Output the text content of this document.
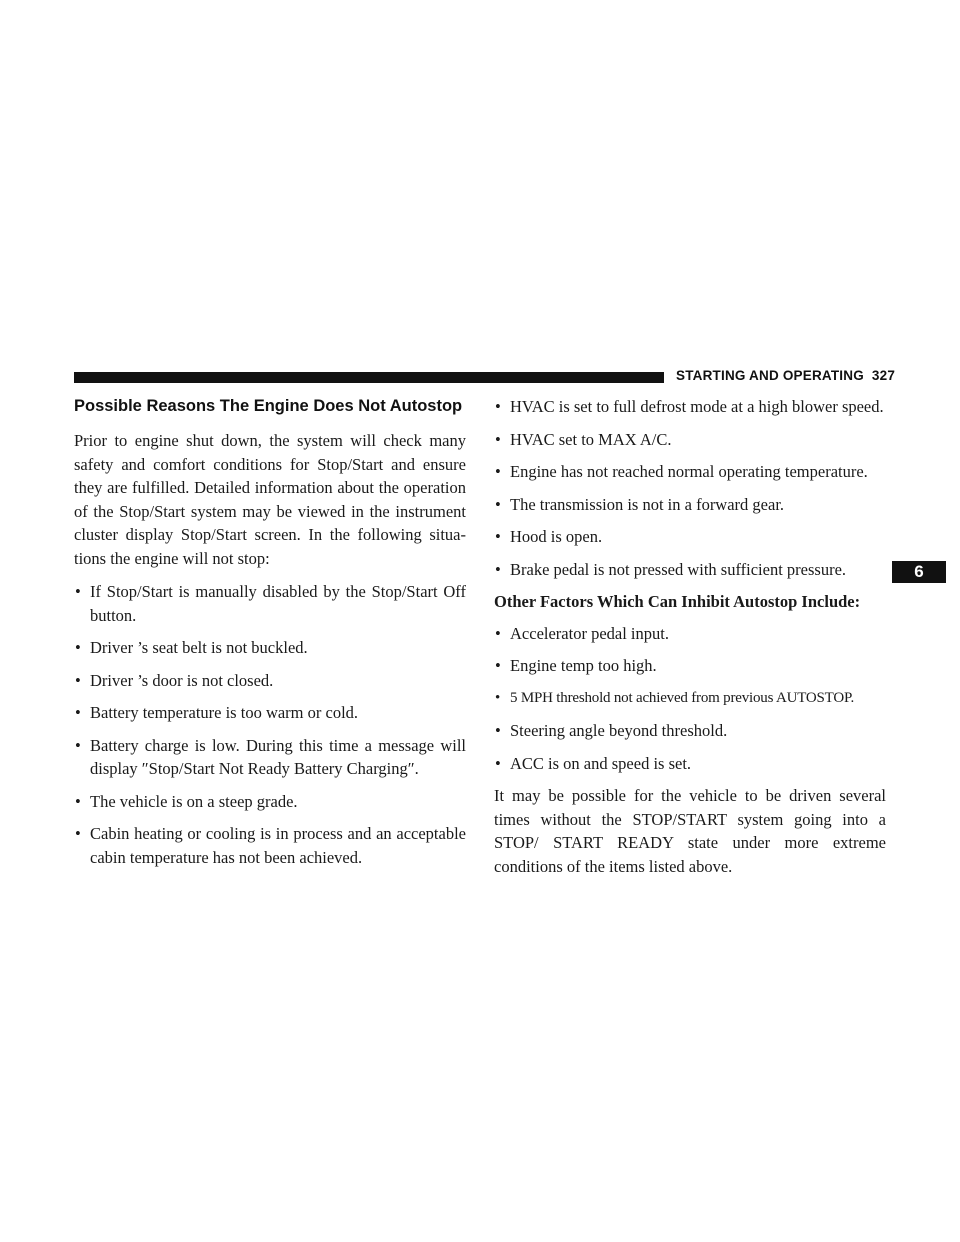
STARTING AND OPERATING 327
Possible Reasons The Engine Does Not Autostop

Prior to engine shut down, the system will check many safety and comfort conditions for Stop/Start and ensure they are fulfilled. Detailed information about the operation of the Stop/Start system may be viewed in the instrument cluster display Stop/Start screen. In the following situa-tions the engine will not stop:

• If Stop/Start is manually disabled by the Stop/Start Off button.
• Driver ’s seat belt is not buckled.
• Driver ’s door is not closed.
• Battery temperature is too warm or cold.
• Battery charge is low. During this time a message will display ″Stop/Start Not Ready Battery Charging″.
• The vehicle is on a steep grade.
• Cabin heating or cooling is in process and an acceptable cabin temperature has not been achieved.
• HVAC is set to full defrost mode at a high blower speed.
• HVAC set to MAX A/C.
• Engine has not reached normal operating temperature.
• The transmission is not in a forward gear.
• Hood is open.
• Brake pedal is not pressed with sufficient pressure.

Other Factors Which Can Inhibit Autostop Include:

• Accelerator pedal input.
• Engine temp too high.
• 5 MPH threshold not achieved from previous AUTOSTOP.
• Steering angle beyond threshold.
• ACC is on and speed is set.

It may be possible for the vehicle to be driven several times without the STOP/START system going into a STOP/ START READY state under more extreme conditions of the items listed above.

6
